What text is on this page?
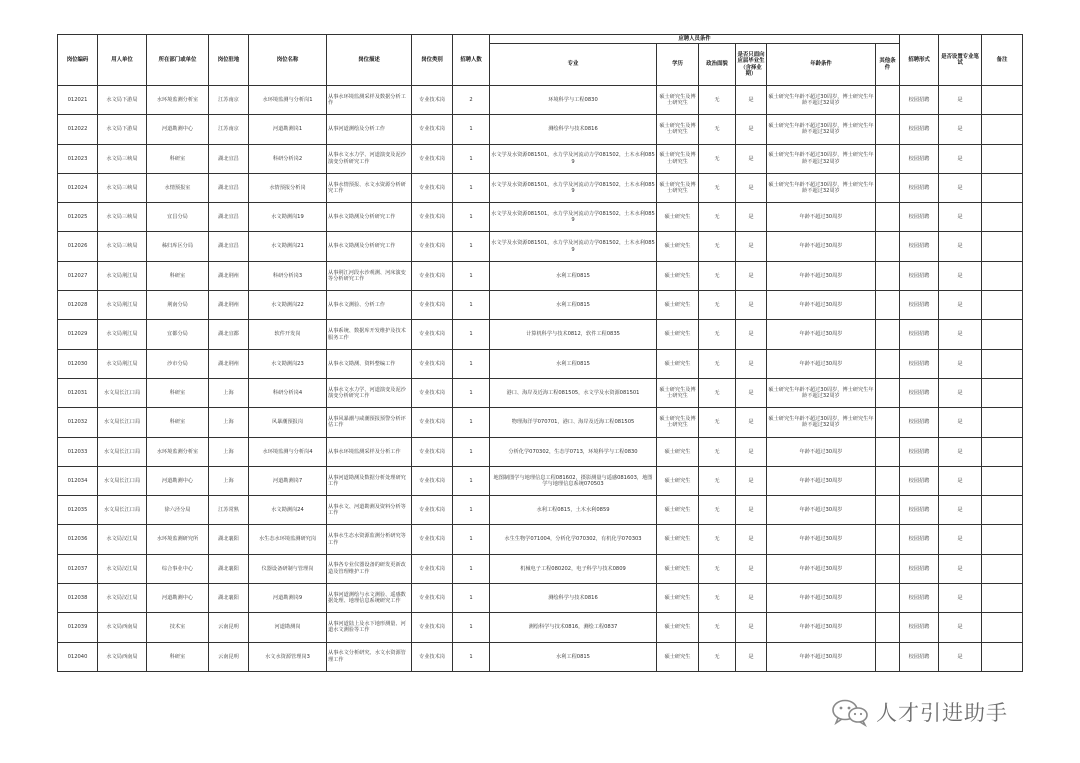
岗位编码	用人单位	所在部门或单位	岗位驻地	岗位名称	岗位描述	岗位类别	招聘人数	应聘人员条件						招聘形式	是否设置专业笔试	备注
								专业	学历	政治面貌	是否只面向应届毕业生（含择业期）	年龄条件	其他条件			
012021	水文局下游局	水环境监测分析室	江苏南京	水环境监测与分析岗1	从事水环境监测采样及数据分析工作	专业技术岗	2	环境科学与工程0830	硕士研究生及博士研究生	无	是	硕士研究生年龄不超过30周岁，博士研究生年龄不超过32周岁		校园招聘	是	
012022	水文局下游局	河道勘测中心	江苏南京	河道勘测岗1	从事河道测绘及分析工作	专业技术岗	1	测绘科学与技术0816	硕士研究生及博士研究生	无	是	硕士研究生年龄不超过30周岁，博士研究生年龄不超过32周岁		校园招聘	是	
012023	水文局三峡局	科研室	湖北宜昌	科研分析岗2	从事水文水力学、河道演变及泥沙演变分析研究工作	专业技术岗	1	水文学及水资源081501，水力学及河流动力学081502，土木水利0859	硕士研究生及博士研究生	无	是	硕士研究生年龄不超过30周岁，博士研究生年龄不超过32周岁		校园招聘	是	
012024	水文局三峡局	水情预报室	湖北宜昌	水情预报分析岗	从事水情预报、水文水资源分析研究工作	专业技术岗	1	水文学及水资源081501，水力学及河流动力学081502，土木水利0859	硕士研究生及博士研究生	无	是	硕士研究生年龄不超过30周岁，博士研究生年龄不超过32周岁		校园招聘	是	
012025	水文局三峡局	宜昌分局	湖北宜昌	水文勘测岗19	从事水文勘测及分析研究工作	专业技术岗	1	水文学及水资源081501，水力学及河流动力学081502，土木水利0859	硕士研究生	无	是	年龄不超过30周岁		校园招聘	是	
012026	水文局三峡局	秭归库区分局	湖北宜昌	水文勘测岗21	从事水文勘测及分析研究工作	专业技术岗	1	水文学及水资源081501，水力学及河流动力学081502，土木水利0859	硕士研究生	无	是	年龄不超过30周岁		校园招聘	是	
012027	水文局荆江局	科研室	湖北荆州	科研分析岗3	从事荆江河段水沙观测、河床演变等分析研究工作	专业技术岗	1	水利工程0815	硕士研究生	无	是	年龄不超过30周岁		校园招聘	是	
012028	水文局荆江局	荆南分局	湖北荆州	水文勘测岗22	从事水文测验、分析工作	专业技术岗	1	水利工程0815	硕士研究生	无	是	年龄不超过30周岁		校园招聘	是	
012029	水文局荆江局	宜都分局	湖北宜都	软件开发岗	从事系统、数据库开发维护及技术服务工作	专业技术岗	1	计算机科学与技术0812，软件工程0835	硕士研究生	无	是	年龄不超过30周岁		校园招聘	是	
012030	水文局荆江局	沙市分局	湖北荆州	水文勘测岗23	从事水文勘测、资料整编工作	专业技术岗	1	水利工程0815	硕士研究生	无	是	年龄不超过30周岁		校园招聘	是	
012031	水文局长江口局	科研室	上海	科研分析岗4	从事水文水力学、河道演变及泥沙演变分析研究工作	专业技术岗	1	港口、海岸及近海工程081505，水文学及水资源081501	硕士研究生及博士研究生	无	是	硕士研究生年龄不超过30周岁，博士研究生年龄不超过32周岁		校园招聘	是	
012032	水文局长江口局	科研室	上海	风暴潮预报岗	从事风暴潮与咸潮预报预警分析评估工作	专业技术岗	1	物理海洋学070701，港口、海岸及近海工程081505	硕士研究生及博士研究生	无	是	硕士研究生年龄不超过30周岁，博士研究生年龄不超过32周岁		校园招聘	是	
012033	水文局长江口局	水环境监测分析室	上海	水环境监测与分析岗4	从事水环境监测采样及分析工作	专业技术岗	1	分析化学070302，生态学0713，环境科学与工程0830	硕士研究生	无	是	年龄不超过30周岁		校园招聘	是	
012034	水文局长江口局	河道勘测中心	上海	河道勘测岗7	从事河道勘测及数据分析处理研究工作	专业技术岗	1	地图制图学与地理信息工程081602，摄影测量与遥感081603，地图学与地理信息系统070503	硕士研究生	无	是	年龄不超过30周岁		校园招聘	是	
012035	水文局长江口局	徐六泾分局	江苏常熟	水文勘测岗24	从事水文、河道勘测及资料分析等工作	专业技术岗	1	水利工程0815，土木水利0859	硕士研究生	无	是	年龄不超过30周岁		校园招聘	是	
012036	水文局汉江局	水环境监测研究所	湖北襄阳	水生态水环境监测研究岗	从事水生态水资源监测分析研究等工作	专业技术岗	1	水生生物学071004，分析化学070302，有机化学070303	硕士研究生	无	是	年龄不超过30周岁		校园招聘	是	
012037	水文局汉江局	综合事业中心	湖北襄阳	仪器设备研制与管理岗	从事各专业仪器设备的研发更新改造及管理维护工作	专业技术岗	1	机械电子工程080202，电子科学与技术0809	硕士研究生	无	是	年龄不超过30周岁		校园招聘	是	
012038	水文局汉江局	河道勘测中心	湖北襄阳	河道勘测岗9	从事河道测绘与水文测验、遥感数据处理、地理信息系统研究工作	专业技术岗	1	测绘科学与技术0816	硕士研究生	无	是	年龄不超过30周岁		校园招聘	是	
012039	水文局西南局	技术室	云南昆明	河道勘测岗	从事河道陆上及水下地形测量、河道水文测验等工作	专业技术岗	1	测绘科学与技术0816，测绘工程0837	硕士研究生	无	是	年龄不超过30周岁		校园招聘	是	
012040	水文局西南局	科研室	云南昆明	水文水资源管理岗3	从事水文分析研究、水文水资源管理工作	专业技术岗	1	水利工程0815	硕士研究生	无	是	年龄不超过30周岁		校园招聘	是	
人才引进助手
